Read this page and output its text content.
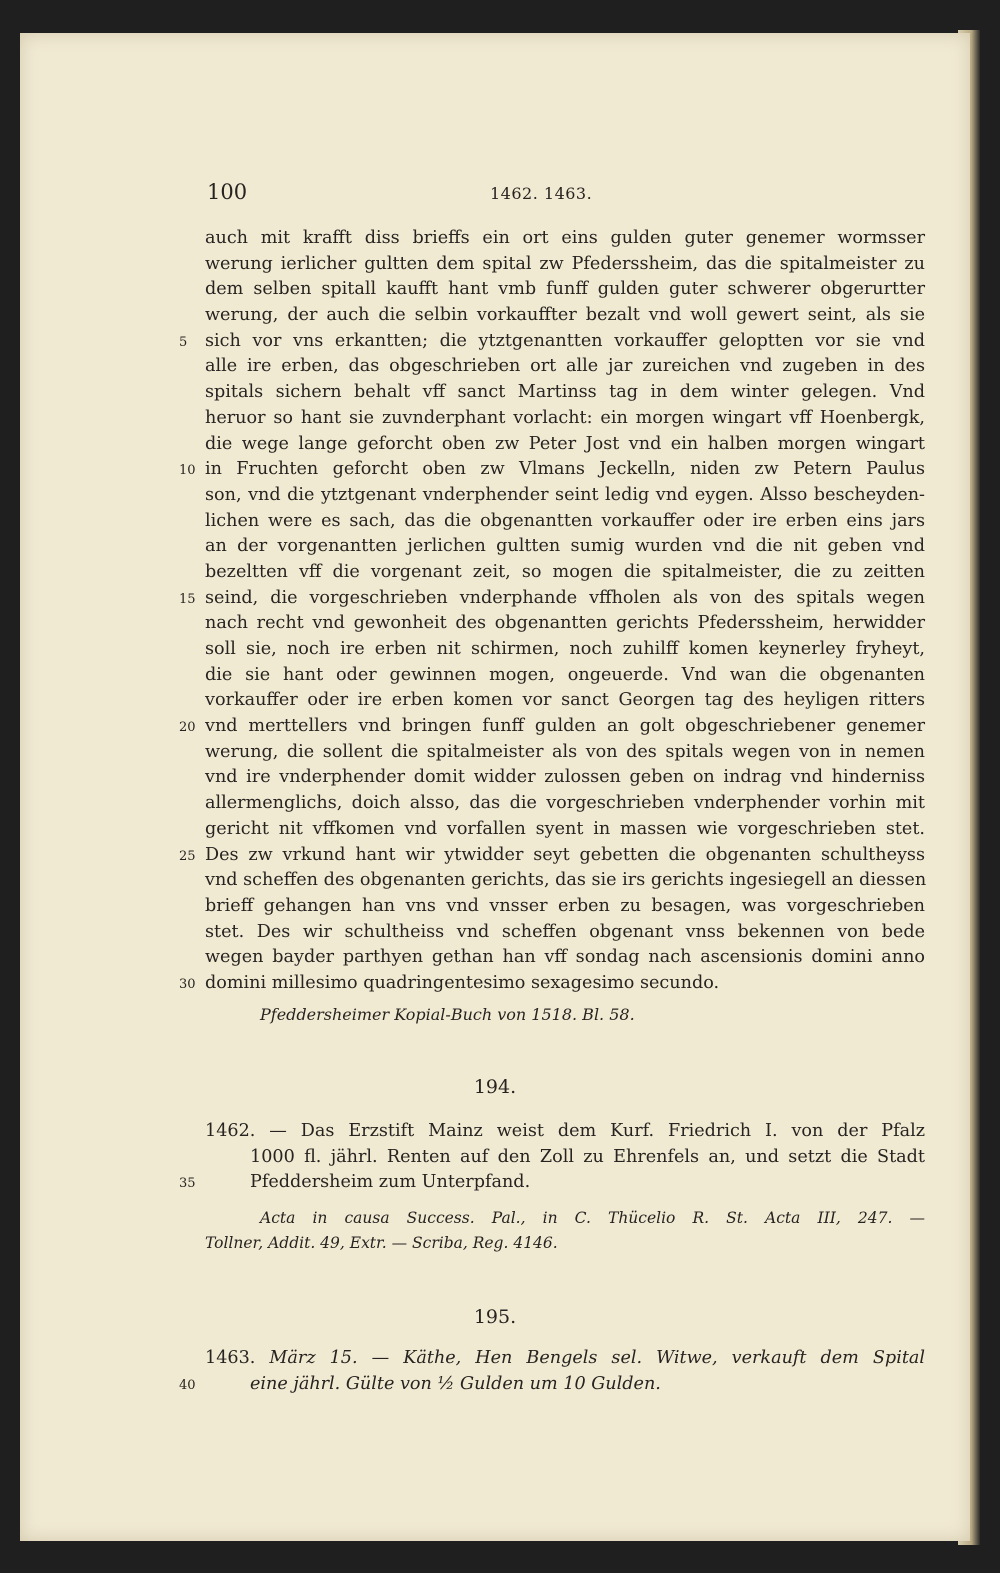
100	1462. 1463.
auch mit krafft diss brieffs ein ort eins gulden guter genemer wormsser
werung ierlicher gultten dem spital zw Pfederssheim, das die spitalmeister zu
dem selben spitall kaufft hant vmb funff gulden guter schwerer obgerurtter
werung, der auch die selbin vorkauffter bezalt vnd woll gewert seint, als sie
5	sich vor vns erkantten; die ytztgenantten vorkauffer geloptten vor sie vnd
alle ire erben, das obgeschrieben ort alle jar zureichen vnd zugeben in des
spitals sichern behalt vff sanct Martinss tag in dem winter gelegen. Vnd
heruor so hant sie zuvnderphant vorlacht: ein morgen wingart vff Hoenbergk,
die wege lange geforcht oben zw Peter Jost vnd ein halben morgen wingart
10 in Fruchten geforcht oben zw Vlmans Jeckelln, niden zw Petern Paulus
son, vnd die ytztgenant vnderphender seint ledig vnd eygen. Alsso bescheyden-
lichen were es sach, das die obgenantten vorkauffer oder ire erben eins jars
an der vorgenantten jerlichen gultten sumig wurden vnd die nit geben vnd
bezeltten vff die vorgenant zeit, so mogen die spitalmeister, die zu zeitten
15 seind, die vorgeschrieben vnderphande vffholen als von des spitals wegen
nach recht vnd gewonheit des obgenantten gerichts Pfederssheim, herwidder
soll sie, noch ire erben nit schirmen, noch zuhilff komen keynerley fryheyt,
die sie hant oder gewinnen mogen, ongeuerde. Vnd wan die obgenanten
vorkauffer oder ire erben komen vor sanct Georgen tag des heyligen ritters
20 vnd merttellers vnd bringen funff gulden an golt obgeschriebener genemer
werung, die sollent die spitalmeister als von des spitals wegen von in nemen
vnd ire vnderphender domit widder zulossen geben on indrag vnd hinderniss
allermenglichs, doich alsso, das die vorgeschrieben vnderphender vorhin mit
gericht nit vffkomen vnd vorfallen syent in massen wie vorgeschrieben stet.
25 Des zw vrkund hant wir ytwidder seyt gebetten die obgenanten schultheyss
vnd scheffen des obgenanten gerichts, das sie irs gerichts ingesiegell an diessen
brieff gehangen han vns vnd vnsser erben zu besagen, was vorgeschrieben
stet. Des wir schultheiss vnd scheffen obgenant vnss bekennen von bede
wegen bayder parthyen gethan han vff sondag nach ascensionis domini anno
30 domini millesimo quadringentesimo sexagesimo secundo.
Pfeddersheimer Kopial-Buch von 1518. Bl. 58.
194.
1462. — Das Erzstift Mainz weist dem Kurf. Friedrich I. von der Pfalz
1000 fl. jährl. Renten auf den Zoll zu Ehrenfels an, und setzt die Stadt
35	Pfeddersheim zum Unterpfand.
Acta in causa Success. Pal., in C. Thücelio R. St. Acta III, 247. —
Tollner, Addit. 49, Extr. — Scriba, Reg. 4146.
195.
1463. März 15. — Käthe, Hen Bengels sel. Witwe, verkauft dem Spital
40	eine jährl. Gülte von ½ Gulden um 10 Gulden.
